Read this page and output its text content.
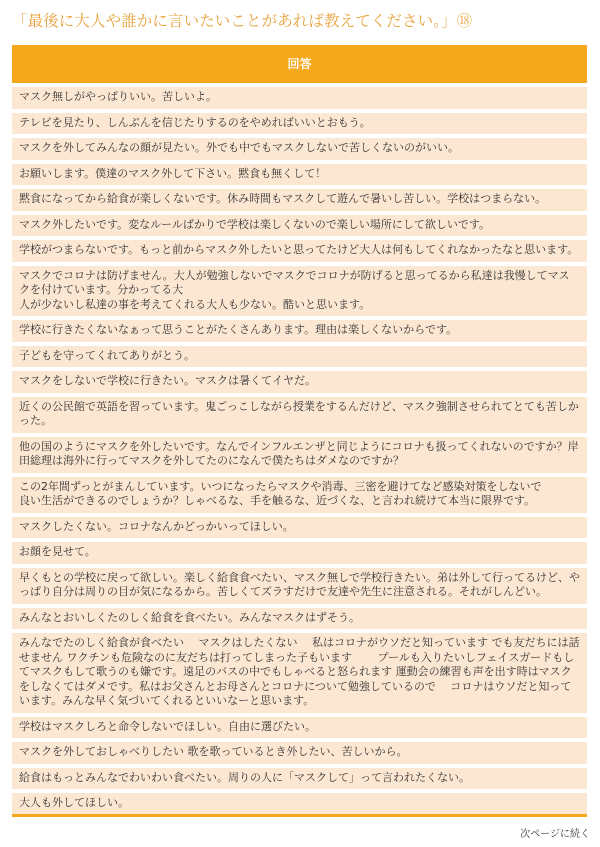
「最後に大人や誰かに言いたいことがあれば教えてください。」⑱
回答
マスク無しがやっぱりいい。苦しいよ。
テレビを見たり、しんぶんを信じたりするのをやめればいいとおもう。
マスクを外してみんなの顔が見たい。外でも中でもマスクしないで苦しくないのがいい。
お願いします。僕達のマスク外して下さい。黙食も無くして！
黙食になってから給食が楽しくないです。休み時間もマスクして遊んで暑いし苦しい。学校はつまらない。
マスク外したいです。変なルールばかりで学校は楽しくないので楽しい場所にして欲しいです。
学校がつまらないです。もっと前からマスク外したいと思ってたけど大人は何もしてくれなかったなと思います。
マスクでコロナは防げません。大人が勉強しないでマスクでコロナが防げると思ってるから私達は我慢してマスクを付けています。分かってる大
人が少ないし私達の事を考えてくれる大人も少ない。酷いと思います。
学校に行きたくないなぁって思うことがたくさんあります。理由は楽しくないからです。
子どもを守ってくれてありがとう。
マスクをしないで学校に行きたい。マスクは暑くてイヤだ。
近くの公民館で英語を習っています。鬼ごっこしながら授業をするんだけど、マスク強制させられてとても苦しかった。
他の国のようにマスクを外したいです。なんでインフルエンザと同じようにコロナも扱ってくれないのですか？岸田総理は海外に行ってマスクを外してたのになんで僕たちはダメなのですか？
この2年間ずっとがまんしています。いつになったらマスクや消毒、三密を避けてなど感染対策をしないで
良い生活ができるのでしょうか？しゃべるな、手を触るな、近づくな、と言われ続けて本当に限界です。
マスクしたくない。コロナなんかどっかいってほしい。
お顔を見せて。
早くもとの学校に戻って欲しい。楽しく給食食べたい、マスク無しで学校行きたい。弟は外して行ってるけど、やっぱり自分は周りの目が気になるから。苦しくてズラすだけで友達や先生に注意される。それがしんどい。
みんなとおいしくたのしく給食を食べたい。みんなマスクはずそう。
みんなでたのしく給食が食べたい　 マスクはしたくない　 私はコロナがウソだと知っています でも友だちには話せません ワクチンも危険なのに友だちは打ってしまった子もいます　　 プールも入りたいしフェイスガードもしてマスクもして歌うのも嫌です。遠足のバスの中でもしゃべると怒られます 運動会の練習も声を出す時はマスクをしなくてはダメです。私はお父さんとお母さんとコロナについて勉強しているので　 コロナはウソだと知っています。みんな早く気づいてくれるといいなーと思います。
学校はマスクしろと命令しないでほしい。自由に選びたい。
マスクを外しておしゃべりしたい 歌を歌っているとき外したい、苦しいから。
給食はもっとみんなでわいわい食べたい。周りの人に「マスクして」って言われたくない。
大人も外してほしい。
次ページに続く
